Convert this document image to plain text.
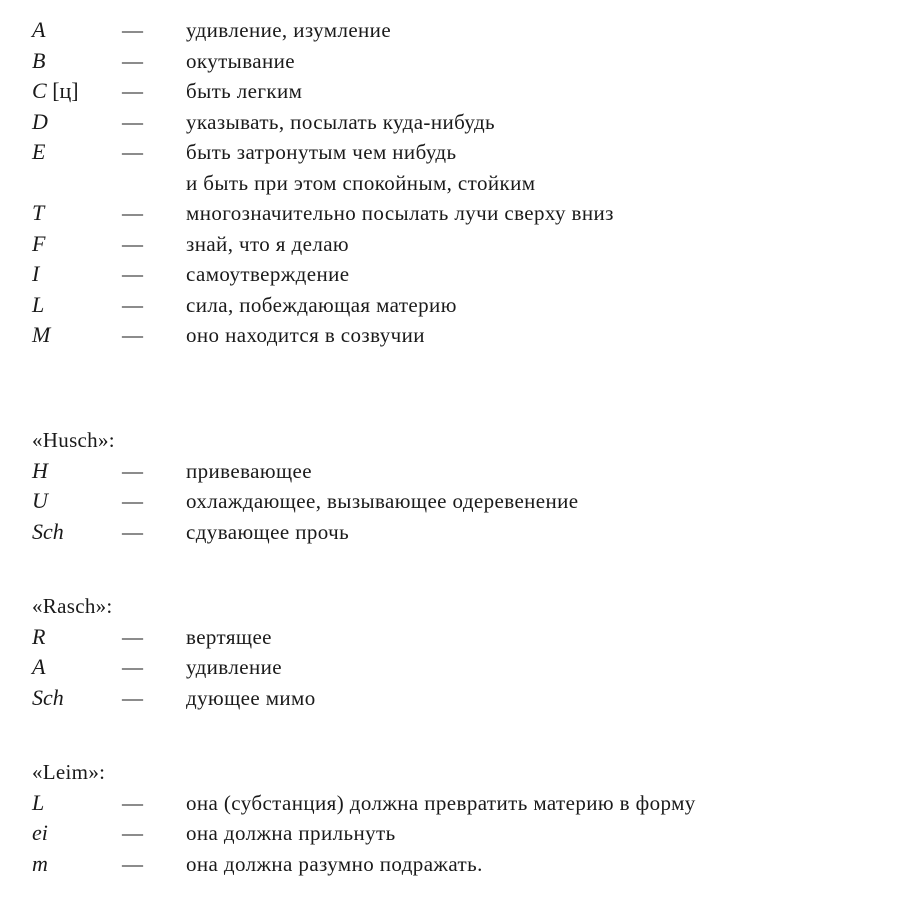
A	— удивление, изумление
B	— окутывание
C [ц] — быть легким
D	— указывать, посылать куда-нибудь
E	— быть затронутым чем нибудь
и быть при этом спокойным, стойким
T	— многозначительно посылать лучи сверху вниз
F	— знай, что я делаю
I	— самоутверждение
L	— сила, побеждающая материю
M	— оно находится в созвучии
«Husch»:
H	— привевающее
U	— охлаждающее, вызывающее одеревенение
Sch	— сдувающее прочь
«Rasch»:
R	— вертящее
A	— удивление
Sch	— дующее мимо
«Leim»:
L	— она (субстанция) должна превратить материю в форму
ei	— она должна прильнуть
m	— она должна разумно подражать.
